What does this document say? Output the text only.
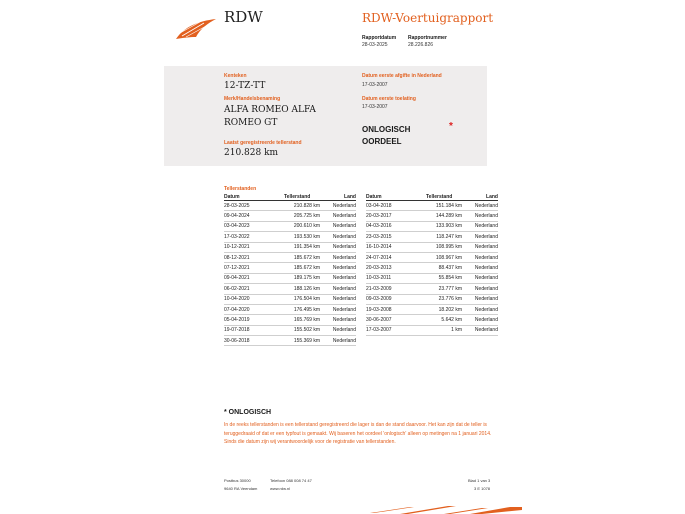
RDW	RDW-Voertuigrapport
Rapportdatum
28-03-2025
Rapportnummer
28.226.826
Kenteken
12-TZ-TT
Merk/Handelsbenaming
ALFA ROMEO ALFA
ROMEO GT
Laatst geregistreerde tellerstand
210.828 km
Datum eerste afgifte in Nederland
17-03-2007
Datum eerste toelating
17-03-2007
ONLOGISCH
OORDEEL
*
Tellerstanden
Datum	Tellerstand	Land
28-03-2025	210.828 km	Nederland
09-04-2024	205.725 km	Nederland
03-04-2023	200.610 km	Nederland
17-03-2022	193.530 km	Nederland
10-12-2021	191.354 km	Nederland
08-12-2021	185.672 km	Nederland
07-12-2021	185.672 km	Nederland
09-04-2021	189.175 km	Nederland
06-02-2021	188.126 km	Nederland
10-04-2020	176.504 km	Nederland
07-04-2020	176.495 km	Nederland
05-04-2019	165.769 km	Nederland
19-07-2018	155.502 km	Nederland
30-06-2018	155.369 km	Nederland
Datum	Tellerstand	Land
03-04-2018	151.184 km	Nederland
20-03-2017	144.289 km	Nederland
04-03-2016	133.903 km	Nederland
23-03-2015	118.247 km	Nederland
16-10-2014	108.995 km	Nederland
24-07-2014	108.967 km	Nederland
20-03-2013	88.437 km	Nederland
10-03-2011	55.854 km	Nederland
21-03-2009	23.777 km	Nederland
09-03-2009	23.776 km	Nederland
19-03-2008	18.202 km	Nederland
30-06-2007	5.642 km	Nederland
17-03-2007	1 km	Nederland
* ONLOGISCH
In de reeks tellerstanden is een tellerstand geregistreerd die lager is dan de stand daarvoor. Het kan zijn dat de teller is teruggedraaid of dat er een typfout is gemaakt. Wij baseren het oordeel 'onlogisch' alleen op metingen na 1 januari 2014. Sinds die datum zijn wij verantwoordelijk voor de registratie van tellerstanden.
Postbus 30000
9640 RA Veendam
Telefoon 088 008 74 47
www.rdw.nl
Blad 1 van 3
3 E 1078
